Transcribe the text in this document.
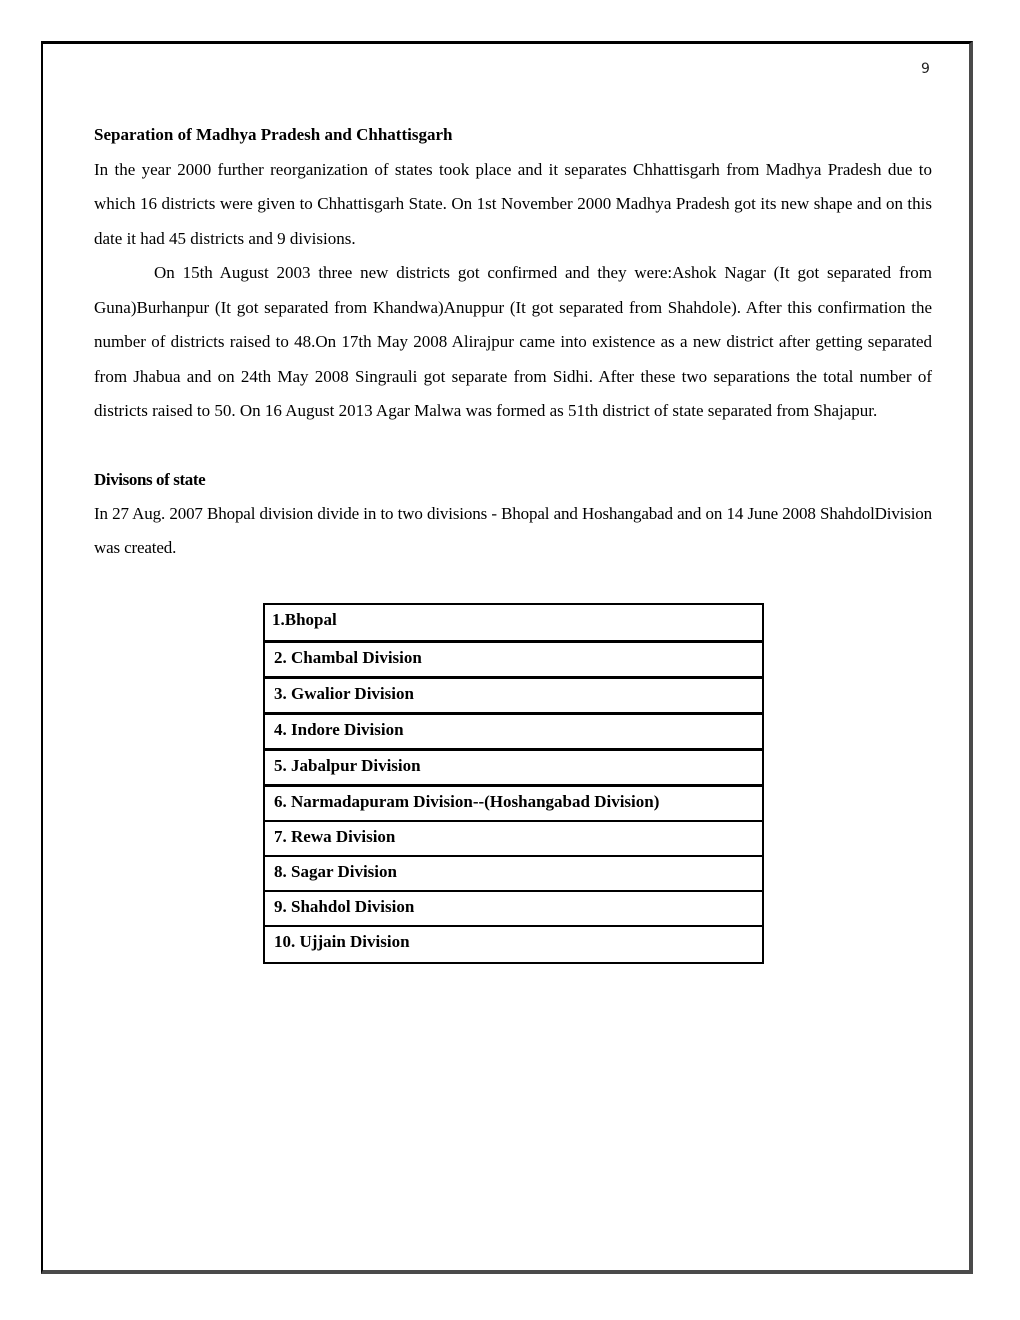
9

Separation of Madhya Pradesh and Chhattisgarh

In the year 2000 further reorganization of states took place and it separates Chhattisgarh from Madhya Pradesh due to which 16 districts were given to Chhattisgarh State. On 1st November 2000 Madhya Pradesh got its new shape and on this date it had 45 districts and 9 divisions.

On 15th August 2003 three new districts got confirmed and they were:Ashok Nagar (It got separated from Guna)Burhanpur (It got separated from Khandwa)Anuppur (It got separated from Shahdole). After this confirmation the number of districts raised to 48.On 17th May 2008 Alirajpur came into existence as a new district after getting separated from Jhabua and on 24th May 2008 Singrauli got separate from Sidhi. After these two separations the total number of districts raised to 50. On 16 August 2013 Agar Malwa was formed as 51th district of state separated from Shajapur.

Divisons of state

In 27 Aug. 2007 Bhopal division divide in to two divisions - Bhopal and Hoshangabad and on 14 June 2008 ShahdolDivision was created.

1.Bhopal
2. Chambal Division
3. Gwalior Division
4. Indore Division
5. Jabalpur Division
6. Narmadapuram Division--(Hoshangabad Division)
7. Rewa Division
8. Sagar Division
9. Shahdol Division
10. Ujjain Division
